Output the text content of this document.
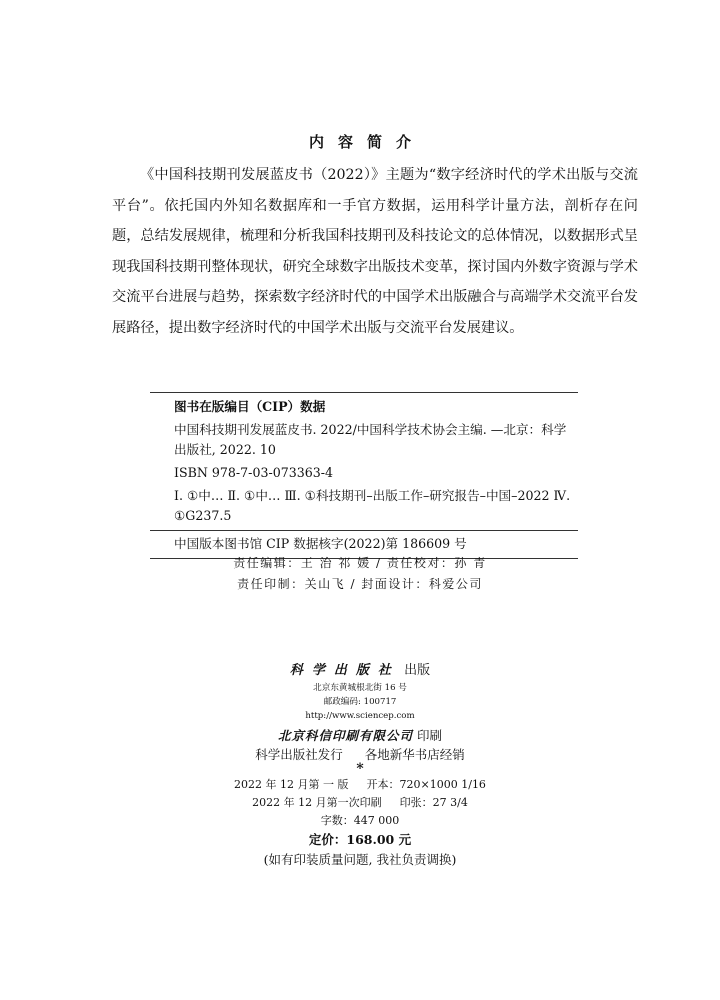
内容简介

《中国科技期刊发展蓝皮书（2022）》主题为“数字经济时代的学术出版与交流平台”。依托国内外知名数据库和一手官方数据，运用科学计量方法，剖析存在问题，总结发展规律，梳理和分析我国科技期刊及科技论文的总体情况，以数据形式呈现我国科技期刊整体现状，研究全球数字出版技术变革，探讨国内外数字资源与学术交流平台进展与趋势，探索数字经济时代的中国学术出版融合与高端学术交流平台发展路径，提出数字经济时代的中国学术出版与交流平台发展建议。

图书在版编目（CIP）数据
中国科技期刊发展蓝皮书. 2022/中国科学技术协会主编. —北京：科学出版社, 2022. 10
ISBN 978-7-03-073363-4
Ⅰ. ①中… Ⅱ. ①中… Ⅲ. ①科技期刊–出版工作–研究报告–中国–2022 Ⅳ. ①G237.5
中国版本图书馆 CIP 数据核字(2022)第 186609 号
责任编辑：王 治 祁 媛 / 责任校对：孙 青
责任印制：关山飞 / 封面设计：科爱公司
科学出版社 出版
北京东黄城根北街 16 号
邮政编码: 100717
http://www.sciencep.com
北京科信印刷有限公司 印刷
科学出版社发行 各地新华书店经销
*
2022 年 12 月第 一 版 开本：720×1000 1/16
2022 年 12 月第一次印刷 印张：27 3/4
字数：447 000
定价：168.00 元
(如有印装质量问题, 我社负责调换)
